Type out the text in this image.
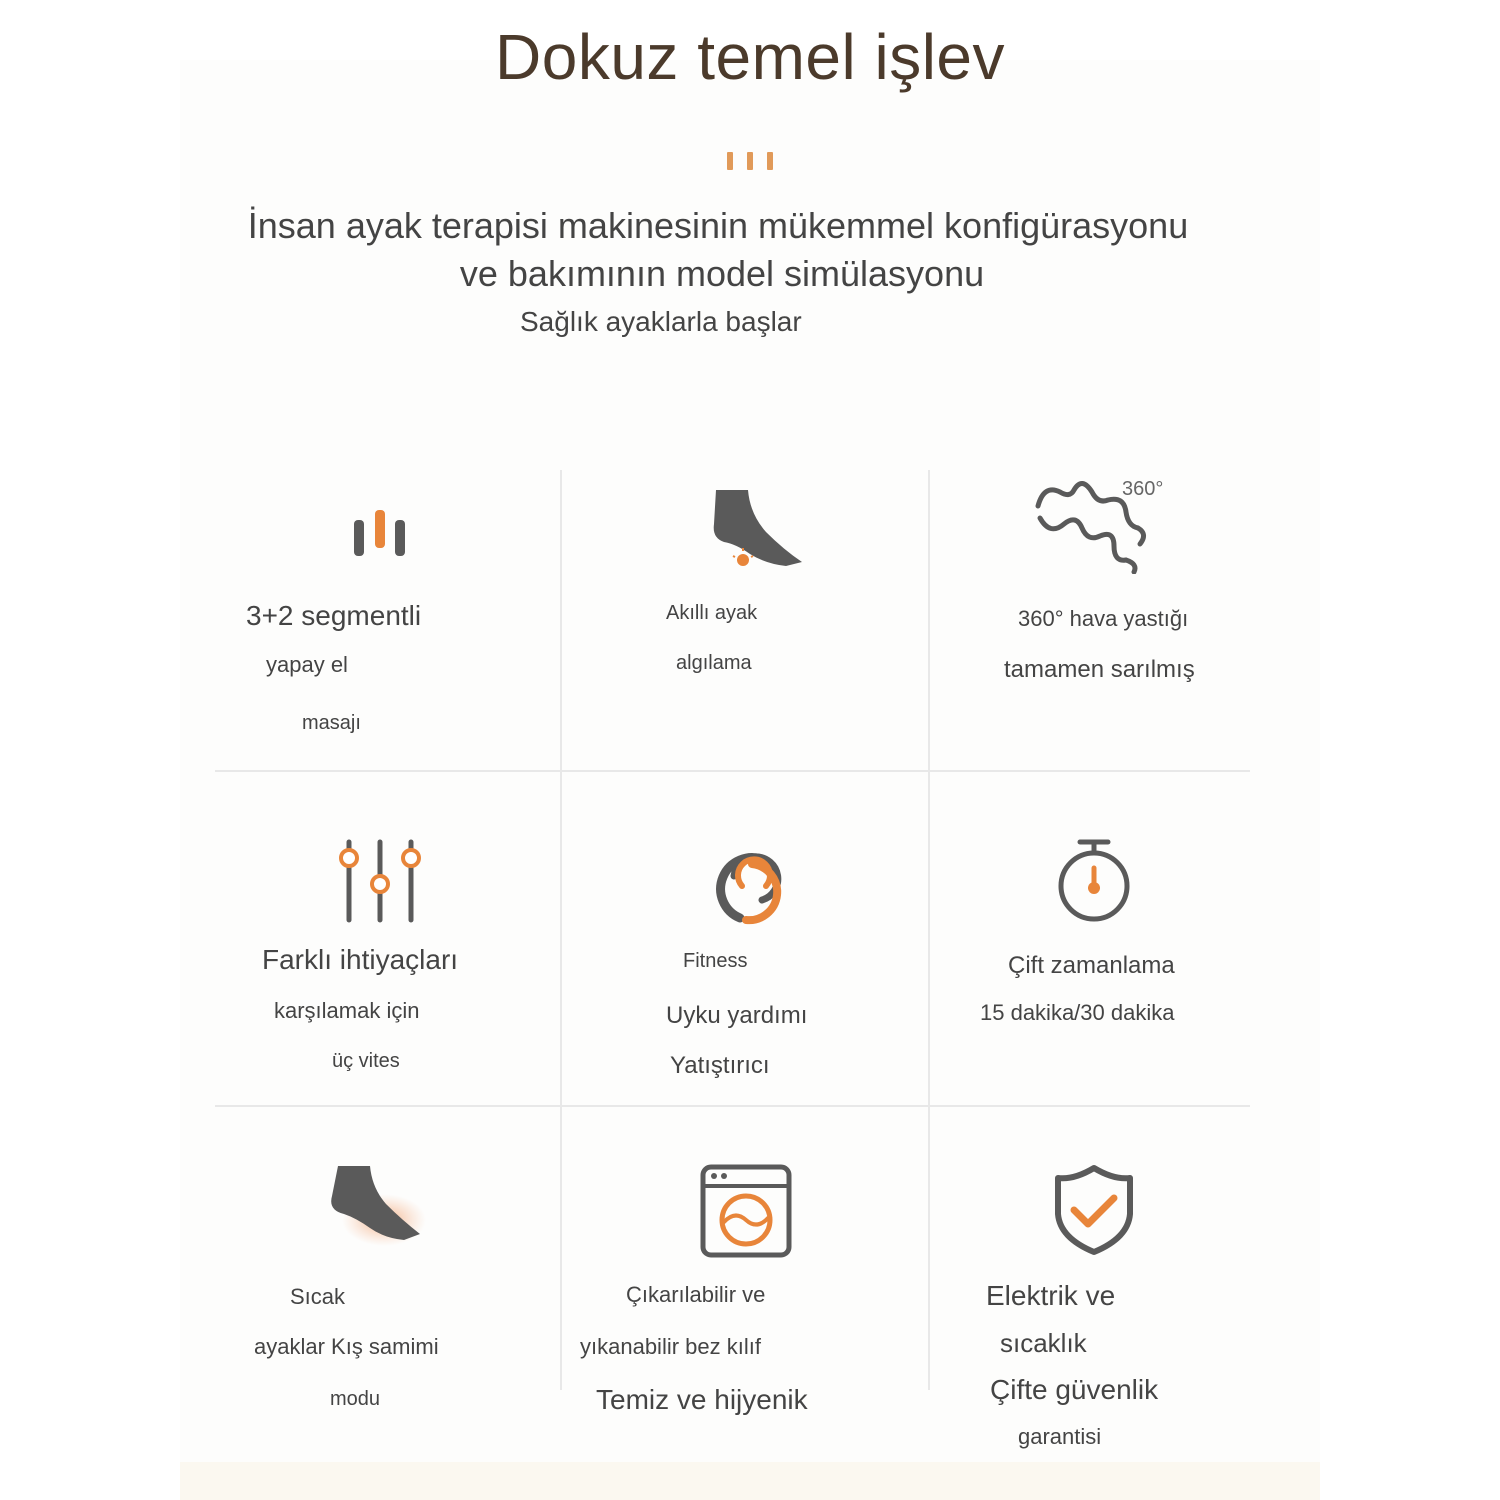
Dokuz temel işlev
İnsan ayak terapisi makinesinin mükemmel konfigürasyonu
ve bakımının model simülasyonu
Sağlık ayaklarla başlar
3+2 segmentli
yapay el
masajı
Akıllı ayak
algılama
360°
360° hava yastığı
tamamen sarılmış
Farklı ihtiyaçları
karşılamak için
üç vites
Fitness
Uyku yardımı
Yatıştırıcı
Çift zamanlama
15 dakika/30 dakika
Sıcak
ayaklar Kış samimi
modu
Çıkarılabilir ve
yıkanabilir bez kılıf
Temiz ve hijyenik
Elektrik ve
sıcaklık
Çifte güvenlik
garantisi
